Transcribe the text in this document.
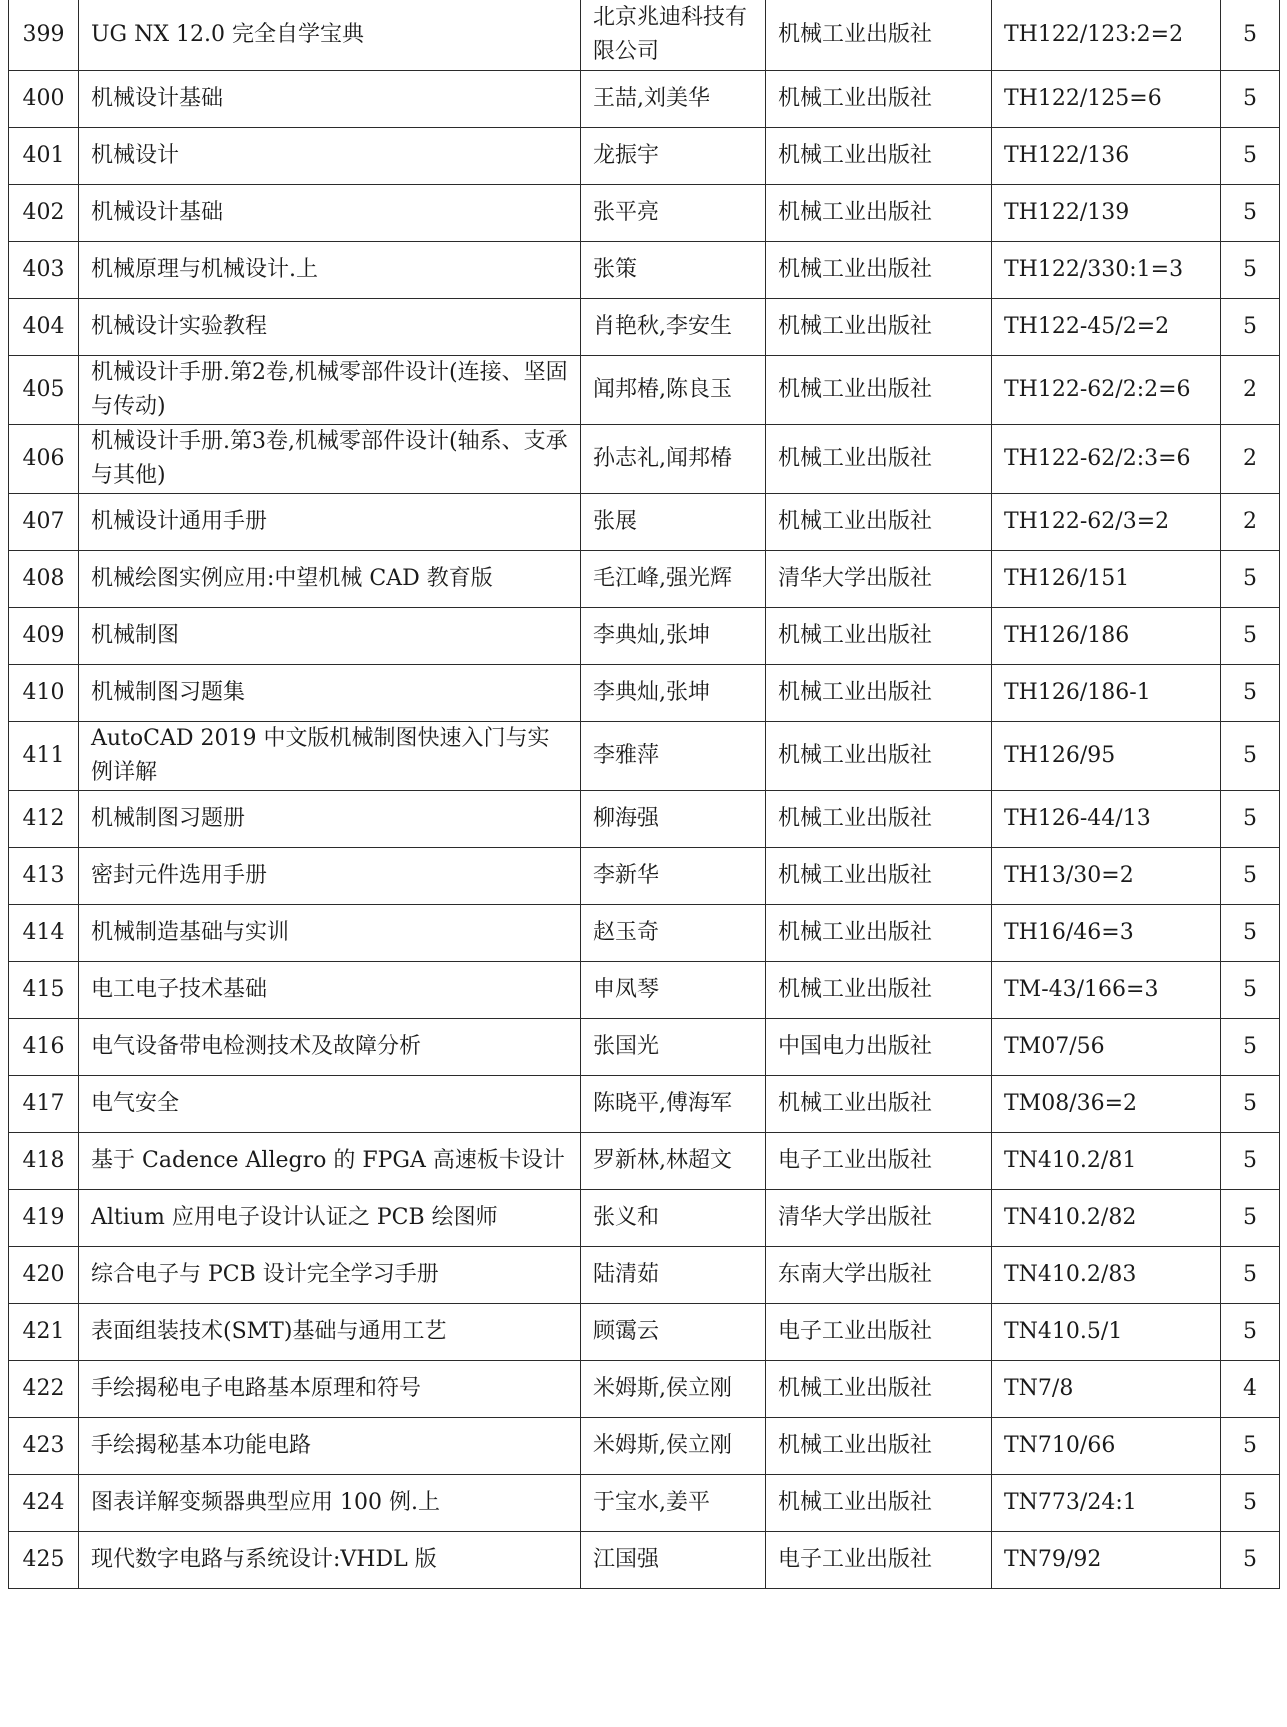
399	UG NX 12.0 完全自学宝典	北京兆迪科技有限公司	机械工业出版社	TH122/123:2=2	5
400	机械设计基础	王喆,刘美华	机械工业出版社	TH122/125=6	5
401	机械设计	龙振宇	机械工业出版社	TH122/136	5
402	机械设计基础	张平亮	机械工业出版社	TH122/139	5
403	机械原理与机械设计.上	张策	机械工业出版社	TH122/330:1=3	5
404	机械设计实验教程	肖艳秋,李安生	机械工业出版社	TH122-45/2=2	5
405	机械设计手册.第2卷,机械零部件设计(连接、坚固与传动)	闻邦椿,陈良玉	机械工业出版社	TH122-62/2:2=6	2
406	机械设计手册.第3卷,机械零部件设计(轴系、支承与其他)	孙志礼,闻邦椿	机械工业出版社	TH122-62/2:3=6	2
407	机械设计通用手册	张展	机械工业出版社	TH122-62/3=2	2
408	机械绘图实例应用:中望机械 CAD 教育版	毛江峰,强光辉	清华大学出版社	TH126/151	5
409	机械制图	李典灿,张坤	机械工业出版社	TH126/186	5
410	机械制图习题集	李典灿,张坤	机械工业出版社	TH126/186-1	5
411	AutoCAD 2019 中文版机械制图快速入门与实例详解	李雅萍	机械工业出版社	TH126/95	5
412	机械制图习题册	柳海强	机械工业出版社	TH126-44/13	5
413	密封元件选用手册	李新华	机械工业出版社	TH13/30=2	5
414	机械制造基础与实训	赵玉奇	机械工业出版社	TH16/46=3	5
415	电工电子技术基础	申凤琴	机械工业出版社	TM-43/166=3	5
416	电气设备带电检测技术及故障分析	张国光	中国电力出版社	TM07/56	5
417	电气安全	陈晓平,傅海军	机械工业出版社	TM08/36=2	5
418	基于 Cadence Allegro 的 FPGA 高速板卡设计	罗新林,林超文	电子工业出版社	TN410.2/81	5
419	Altium 应用电子设计认证之 PCB 绘图师	张义和	清华大学出版社	TN410.2/82	5
420	综合电子与 PCB 设计完全学习手册	陆清茹	东南大学出版社	TN410.2/83	5
421	表面组装技术(SMT)基础与通用工艺	顾霭云	电子工业出版社	TN410.5/1	5
422	手绘揭秘电子电路基本原理和符号	米姆斯,侯立刚	机械工业出版社	TN7/8	4
423	手绘揭秘基本功能电路	米姆斯,侯立刚	机械工业出版社	TN710/66	5
424	图表详解变频器典型应用 100 例.上	于宝水,姜平	机械工业出版社	TN773/24:1	5
425	现代数字电路与系统设计:VHDL 版	江国强	电子工业出版社	TN79/92	5
